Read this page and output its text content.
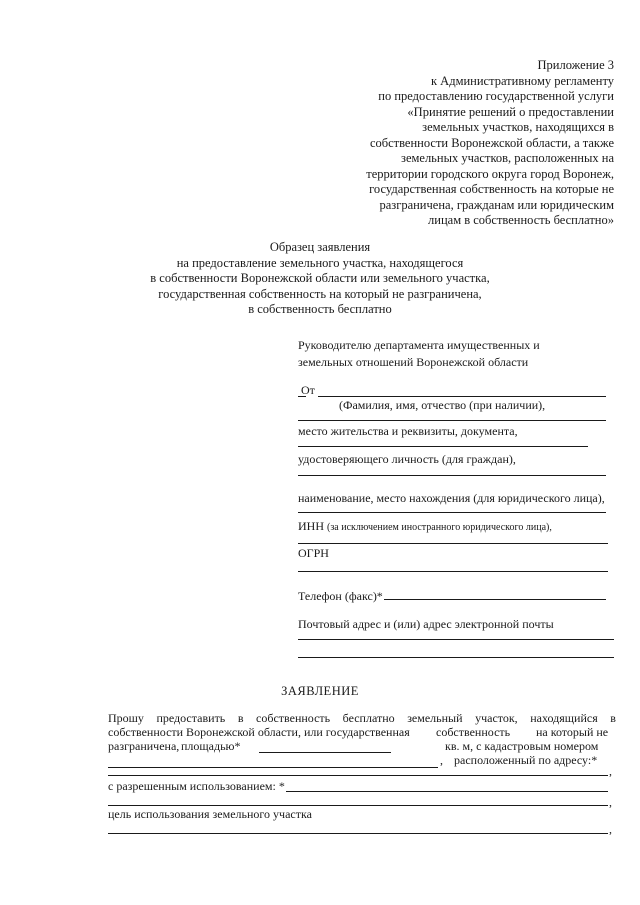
Приложение 3
к Административному регламенту
по предоставлению государственной услуги
«Принятие решений о предоставлении
земельных участков, находящихся в
собственности Воронежской области, а также
земельных участков, расположенных на
территории городского округа город Воронеж,
государственная собственность на которые не
разграничена, гражданам или юридическим
лицам в собственность бесплатно»
Образец заявления
на предоставление земельного участка, находящегося
в собственности Воронежской области или земельного участка,
государственная собственность на который не разграничена,
в собственность бесплатно
Руководителю департамента имущественных и
земельных отношений Воронежской области
От
(Фамилия, имя, отчество (при наличии),
место жительства и реквизиты, документа,
удостоверяющего личность (для граждан),
наименование, место нахождения (для юридического лица),
ИНН (за исключением иностранного юридического лица),
ОГРН
Телефон (факс)*
Почтовый адрес и (или) адрес электронной почты
ЗАЯВЛЕНИЕ
Прошу предоставить в собственность бесплатно земельный участок, находящийся в
собственности Воронежской области, или государственная собственность на который не
разграничена, площадью*	кв. м, с кадастровым номером
, расположенный по адресу:*
,
с разрешенным использованием: *
,
цель использования земельного участка
,
